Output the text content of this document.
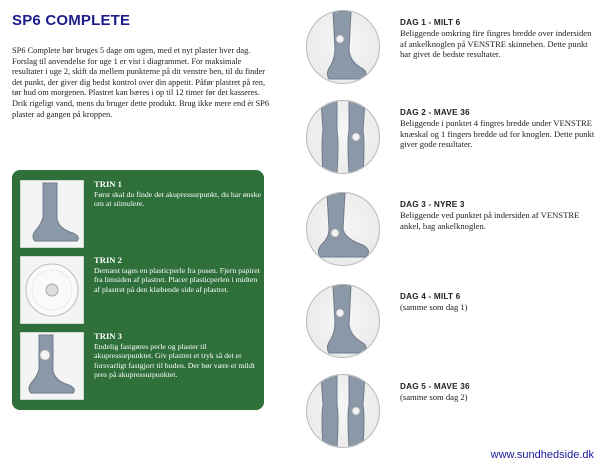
SP6 COMPLETE

SP6 Complete bør bruges 5 dage om ugen, med et nyt plaster hver dag. Forslag til anvendelse for uge 1 er vist i diagrammet. For maksimale resultater i uge 2, skift da mellem punkterne på dit venstre ben, til du finder det punkt, der giver dig bedst kontrol over din appetit. Påfør plastret på ren, tør hud om morgenen. Plastret kan bæres i op til 12 timer før det kasseres.

Drik rigeligt vand, mens du bruger dette produkt. Brug ikke mere end ét SP6 plaster ad gangen på kroppen.

TRIN 1
Først skal du finde det akupressurpunkt, du har ønske om at stimulere.
TRIN 2
Dernæst tages en plasticperle fra posen. Fjern papiret fra limsiden af plastret. Placer plasticperlen i midten af plastret på den klæbende side af plastret.
TRIN 3
Endelig fastgøres perle og plaster til akupressurpunktet. Giv plastret et tryk så det er forsvarligt fastgjort til huden. Der bør være et mildt pres på akupressurpunktet.
DAG 1 - MILT 6
Beliggende omkring fire fingres bredde over indersiden af ankelknoglen på VENSTRE skinneben. Dette punkt har givet de bedste resultater.
DAG 2 - MAVE 36
Beliggende i punktet 4 fingres bredde under VENSTRE knæskal og 1 fingers bredde ud for knoglen. Dette punkt giver gode resultater.
DAG 3 - NYRE 3
Beliggende ved punktet på indersiden af VENSTRE ankel, bag ankelknoglen.
DAG 4 - MILT 6
(samme som dag 1)
DAG 5 - MAVE 36
(samme som dag 2)
www.sundhedside.dk
